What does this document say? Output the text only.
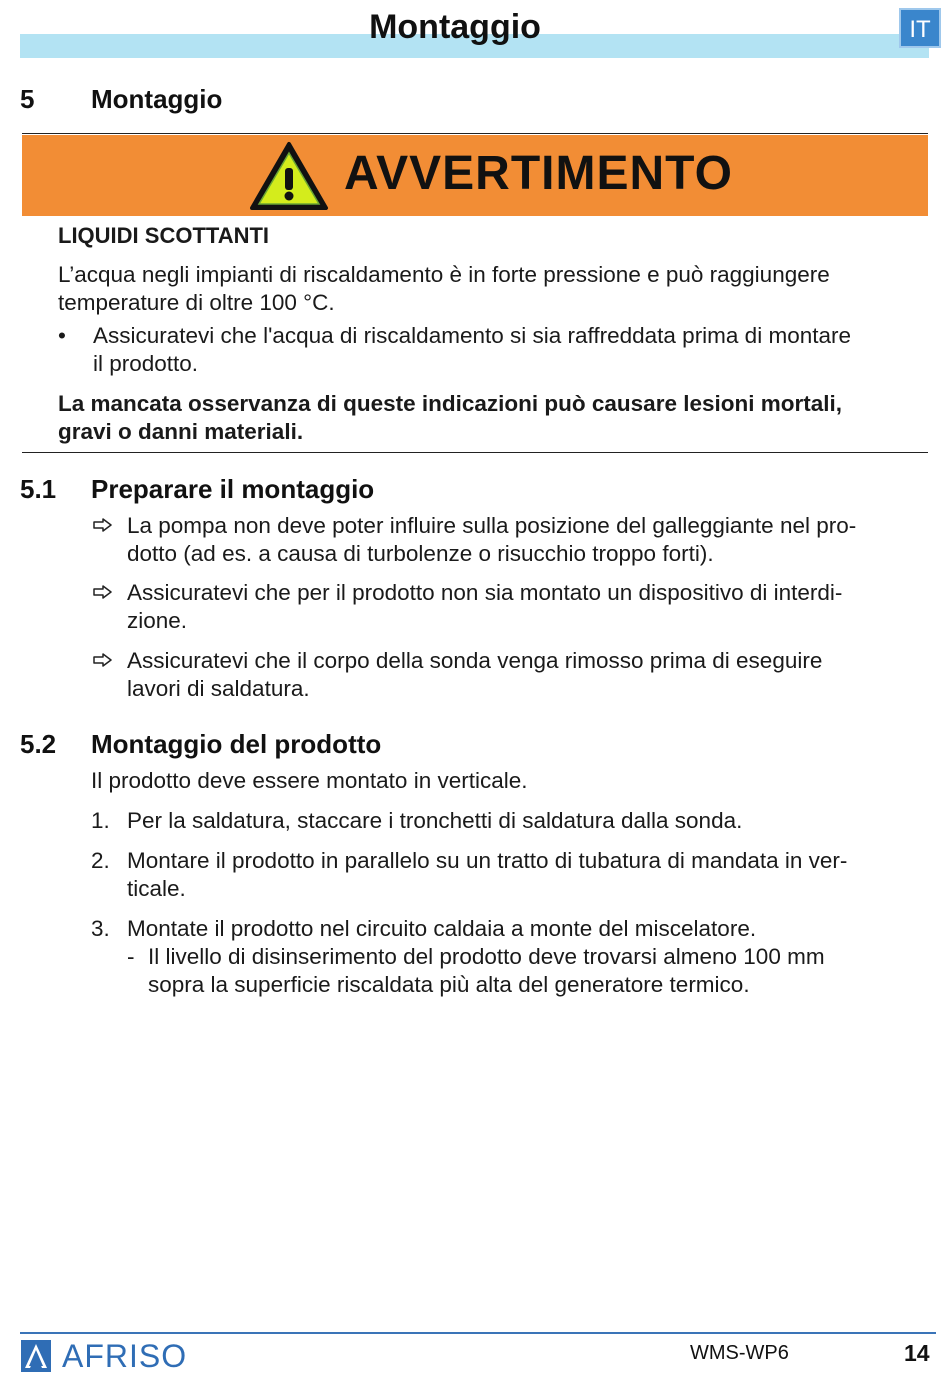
Montaggio	IT
5 Montaggio
AVVERTIMENTO
LIQUIDI SCOTTANTI
L’acqua negli impianti di riscaldamento è in forte pressione e può raggiungere
temperature di oltre 100 °C.
• Assicuratevi che l'acqua di riscaldamento si sia raffreddata prima di montare
il prodotto.
La mancata osservanza di queste indicazioni può causare lesioni mortali,
gravi o danni materiali.
5.1 Preparare il montaggio
La pompa non deve poter influire sulla posizione del galleggiante nel pro-
dotto (ad es. a causa di turbolenze o risucchio troppo forti).
Assicuratevi che per il prodotto non sia montato un dispositivo di interdi-
zione.
Assicuratevi che il corpo della sonda venga rimosso prima di eseguire
lavori di saldatura.
5.2 Montaggio del prodotto
Il prodotto deve essere montato in verticale.
1. Per la saldatura, staccare i tronchetti di saldatura dalla sonda.
2. Montare il prodotto in parallelo su un tratto di tubatura di mandata in ver-
ticale.
3. Montate il prodotto nel circuito caldaia a monte del miscelatore.
- Il livello di disinserimento del prodotto deve trovarsi almeno 100 mm
sopra la superficie riscaldata più alta del generatore termico.
AFRISO	WMS-WP6	14
